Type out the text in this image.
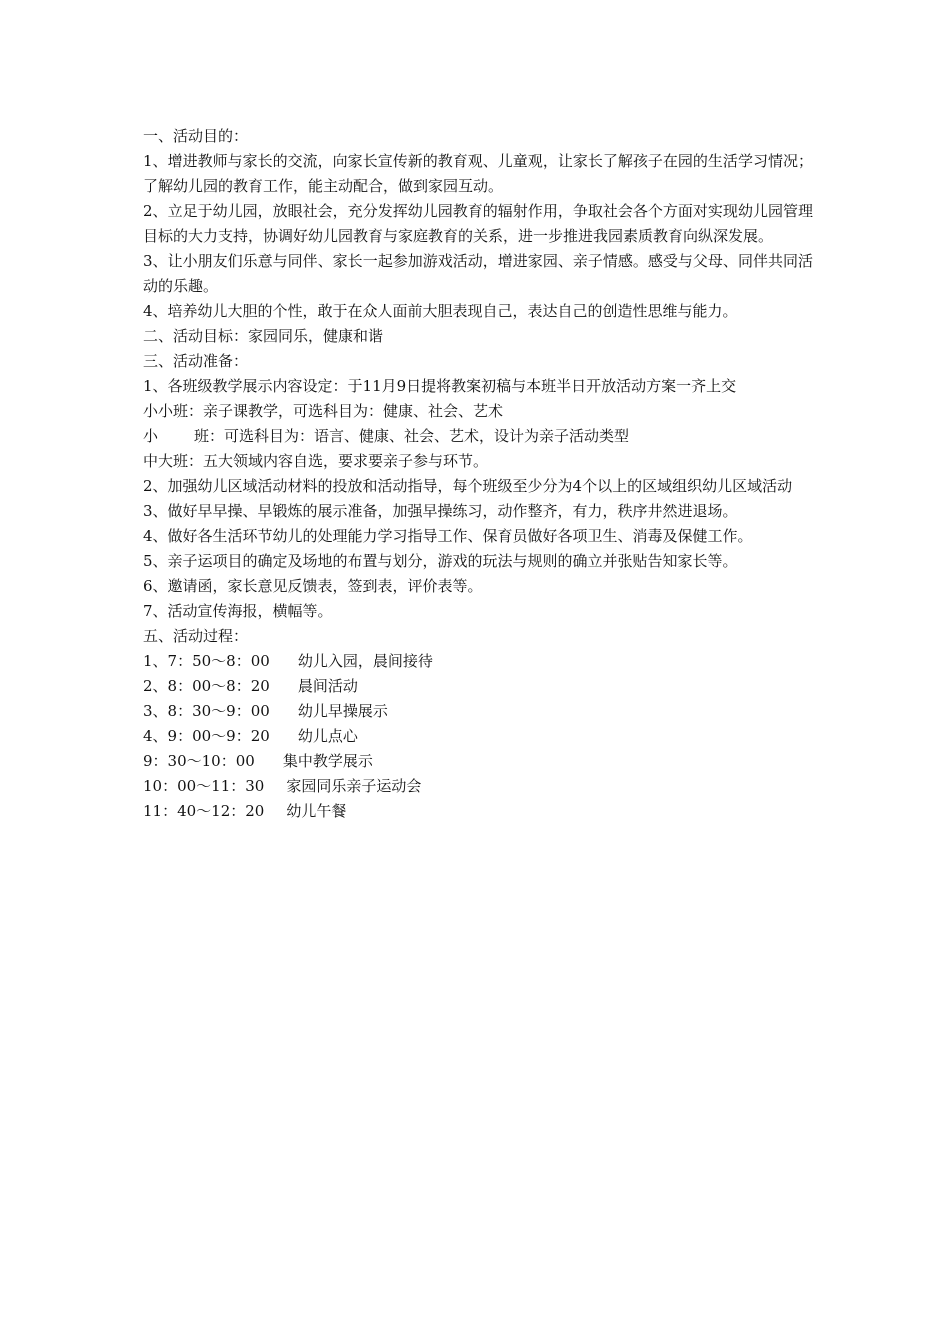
一、活动目的：
1、增进教师与家长的交流，向家长宣传新的教育观、儿童观，让家长了解孩子在园的生活学习情况；了解幼儿园的教育工作，能主动配合，做到家园互动。
2、立足于幼儿园，放眼社会，充分发挥幼儿园教育的辐射作用，争取社会各个方面对实现幼儿园管理目标的大力支持，协调好幼儿园教育与家庭教育的关系，进一步推进我园素质教育向纵深发展。
3、让小朋友们乐意与同伴、家长一起参加游戏活动，增进家园、亲子情感。感受与父母、同伴共同活动的乐趣。
4、培养幼儿大胆的个性，敢于在众人面前大胆表现自己，表达自己的创造性思维与能力。
二、活动目标：家园同乐，健康和谐
三、活动准备：
1、各班级教学展示内容设定：于11月9日提将教案初稿与本班半日开放活动方案一齐上交
小小班：亲子课教学，可选科目为：健康、社会、艺术
小 班：可选科目为：语言、健康、社会、艺术，设计为亲子活动类型
中大班：五大领域内容自选，要求要亲子参与环节。
2、加强幼儿区域活动材料的投放和活动指导，每个班级至少分为4个以上的区域组织幼儿区域活动
3、做好早早操、早锻炼的展示准备，加强早操练习，动作整齐，有力，秩序井然进退场。
4、做好各生活环节幼儿的处理能力学习指导工作、保育员做好各项卫生、消毒及保健工作。
5、亲子运项目的确定及场地的布置与划分，游戏的玩法与规则的确立并张贴告知家长等。
6、邀请函，家长意见反馈表，签到表，评价表等。
7、活动宣传海报，横幅等。
五、活动过程：
1、7：50～8：00 幼儿入园，晨间接待
2、8：00～8：20 晨间活动
3、8：30～9：00 幼儿早操展示
4、9：00～9：20 幼儿点心
9：30～10：00 集中教学展示
10：00～11：30 家园同乐亲子运动会
11：40～12：20 幼儿午餐
